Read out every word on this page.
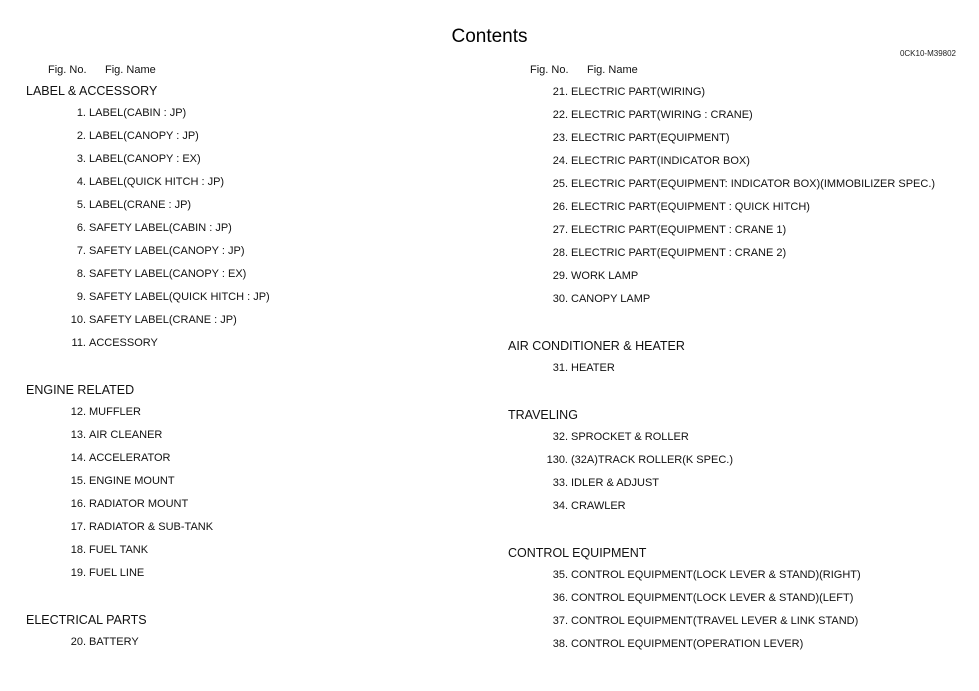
Contents
0CK10-M39802
Fig. No. Fig. Name
LABEL & ACCESSORY
1. LABEL(CABIN : JP)
2. LABEL(CANOPY : JP)
3. LABEL(CANOPY : EX)
4. LABEL(QUICK HITCH : JP)
5. LABEL(CRANE : JP)
6. SAFETY LABEL(CABIN : JP)
7. SAFETY LABEL(CANOPY : JP)
8. SAFETY LABEL(CANOPY : EX)
9. SAFETY LABEL(QUICK HITCH : JP)
10. SAFETY LABEL(CRANE : JP)
11. ACCESSORY
ENGINE RELATED
12. MUFFLER
13. AIR CLEANER
14. ACCELERATOR
15. ENGINE MOUNT
16. RADIATOR MOUNT
17. RADIATOR & SUB-TANK
18. FUEL TANK
19. FUEL LINE
ELECTRICAL PARTS
20. BATTERY
Fig. No. Fig. Name
21. ELECTRIC PART(WIRING)
22. ELECTRIC PART(WIRING : CRANE)
23. ELECTRIC PART(EQUIPMENT)
24. ELECTRIC PART(INDICATOR BOX)
25. ELECTRIC PART(EQUIPMENT: INDICATOR BOX)(IMMOBILIZER SPEC.)
26. ELECTRIC PART(EQUIPMENT : QUICK HITCH)
27. ELECTRIC PART(EQUIPMENT : CRANE 1)
28. ELECTRIC PART(EQUIPMENT : CRANE 2)
29. WORK LAMP
30. CANOPY LAMP
AIR CONDITIONER & HEATER
31. HEATER
TRAVELING
32. SPROCKET & ROLLER
130. (32A)TRACK ROLLER(K SPEC.)
33. IDLER & ADJUST
34. CRAWLER
CONTROL EQUIPMENT
35. CONTROL EQUIPMENT(LOCK LEVER & STAND)(RIGHT)
36. CONTROL EQUIPMENT(LOCK LEVER & STAND)(LEFT)
37. CONTROL EQUIPMENT(TRAVEL LEVER & LINK STAND)
38. CONTROL EQUIPMENT(OPERATION LEVER)
